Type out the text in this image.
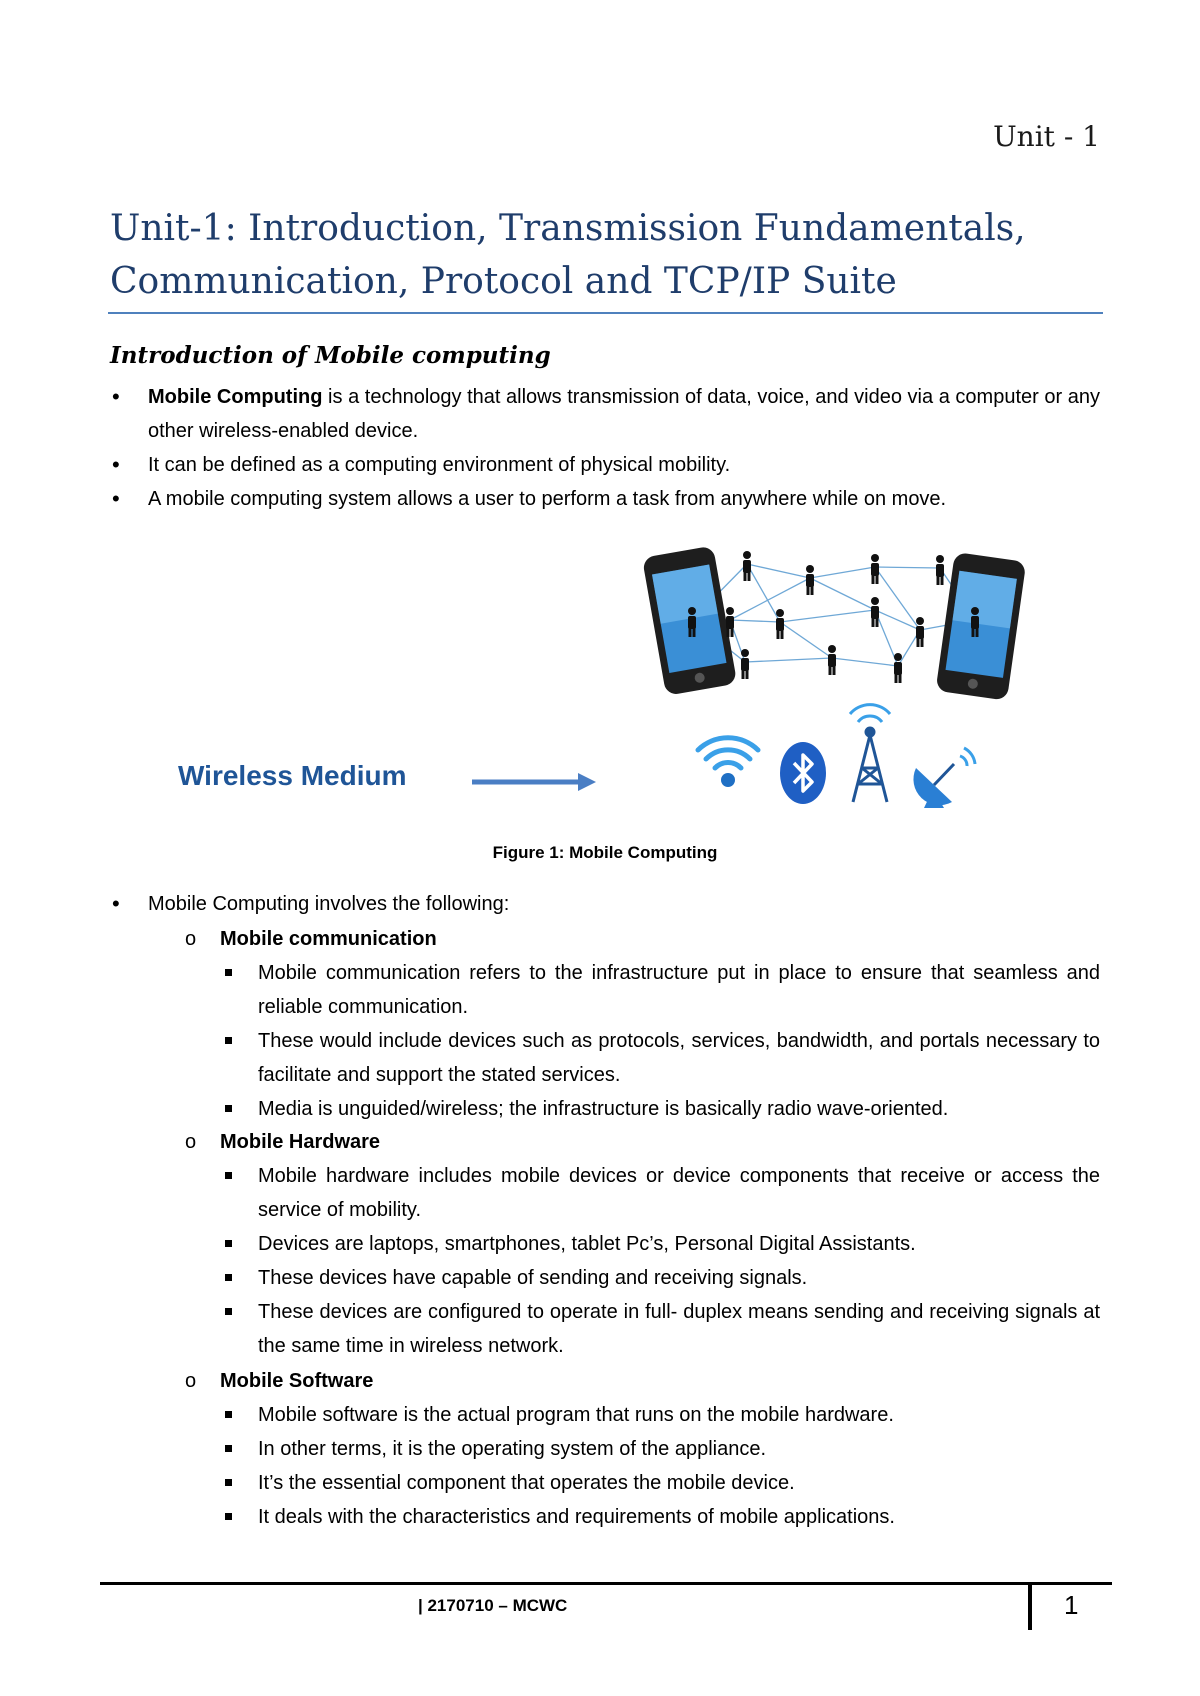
Unit - 1
Unit-1: Introduction, Transmission Fundamentals,
Communication, Protocol and TCP/IP Suite
Introduction of Mobile computing
• Mobile Computing is a technology that allows transmission of data, voice, and video via a computer or any other wireless-enabled device.
• It can be defined as a computing environment of physical mobility.
• A mobile computing system allows a user to perform a task from anywhere while on move.
Wireless Medium
Figure 1: Mobile Computing
• Mobile Computing involves the following:
o Mobile communication
Mobile communication refers to the infrastructure put in place to ensure that seamless and reliable communication.
These would include devices such as protocols, services, bandwidth, and portals necessary to facilitate and support the stated services.
Media is unguided/wireless; the infrastructure is basically radio wave-oriented.
o Mobile Hardware
Mobile hardware includes mobile devices or device components that receive or access the service of mobility.
Devices are laptops, smartphones, tablet Pc’s, Personal Digital Assistants.
These devices have capable of sending and receiving signals.
These devices are configured to operate in full- duplex means sending and receiving signals at the same time in wireless network.
o Mobile Software
Mobile software is the actual program that runs on the mobile hardware.
In other terms, it is the operating system of the appliance.
It’s the essential component that operates the mobile device.
It deals with the characteristics and requirements of mobile applications.
| 2170710 – MCWC	1
